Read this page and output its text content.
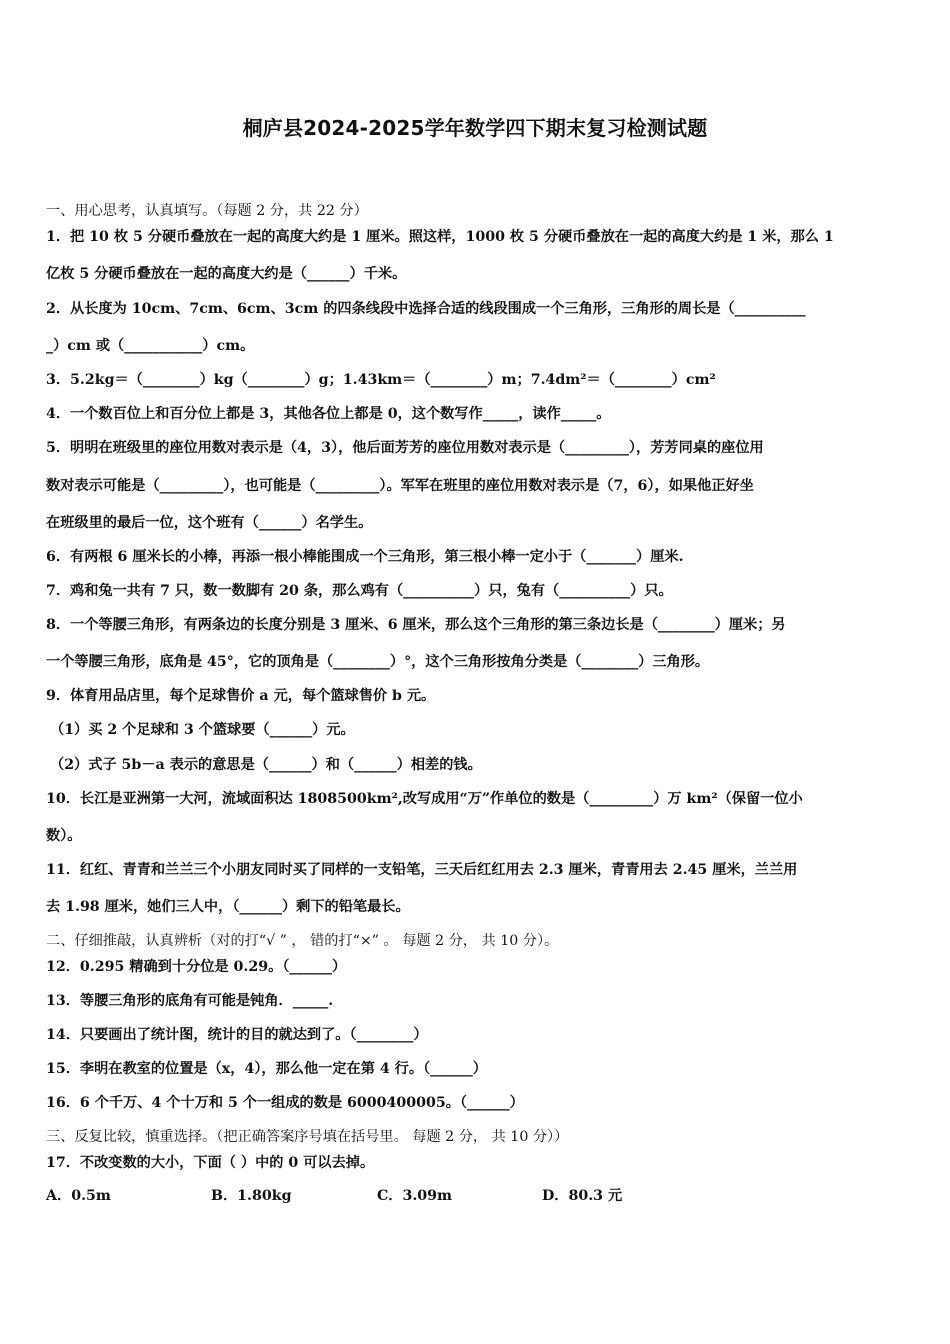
桐庐县2024-2025学年数学四下期末复习检测试题
一、用心思考，认真填写。（每题 2 分，共 22 分）
1．把 10 枚 5 分硬币叠放在一起的高度大约是 1 厘米。照这样，1000 枚 5 分硬币叠放在一起的高度大约是 1 米，那么 1
亿枚 5 分硬币叠放在一起的高度大约是（______）千米。
2．从长度为 10cm、7cm、6cm、3cm 的四条线段中选择合适的线段围成一个三角形，三角形的周长是（__________
_）cm 或（___________）cm。
3．5.2kg＝（________）kg（________）g；1.43km＝（________）m；7.4dm²＝（________）cm²
4．一个数百位上和百分位上都是 3，其他各位上都是 0，这个数写作_____，读作_____。
5．明明在班级里的座位用数对表示是（4，3），他后面芳芳的座位用数对表示是（_________），芳芳同桌的座位用
数对表示可能是（_________），也可能是（_________）。军军在班里的座位用数对表示是（7，6），如果他正好坐
在班级里的最后一位，这个班有（______）名学生。
6．有两根 6 厘米长的小棒，再添一根小棒能围成一个三角形，第三根小棒一定小于（_______）厘米.
7．鸡和兔一共有 7 只，数一数脚有 20 条，那么鸡有（__________）只，兔有（__________）只。
8．一个等腰三角形，有两条边的长度分别是 3 厘米、6 厘米，那么这个三角形的第三条边长是（________）厘米；另
一个等腰三角形，底角是 45°，它的顶角是（________）°，这个三角形按角分类是（________）三角形。
9．体育用品店里，每个足球售价 a 元，每个篮球售价 b 元。
（1）买 2 个足球和 3 个篮球要（______）元。
（2）式子 5b－a 表示的意思是（______）和（______）相差的钱。
10．长江是亚洲第一大河，流域面积达 1808500km²,改写成用“万”作单位的数是（_________）万 km²（保留一位小
数）。
11．红红、青青和兰兰三个小朋友同时买了同样的一支铅笔，三天后红红用去 2.3 厘米，青青用去 2.45 厘米，兰兰用
去 1.98 厘米，她们三人中，（______）剩下的铅笔最长。
二、仔细推敲，认真辨析（对的打“√ ” ， 错的打“×” 。 每题 2 分， 共 10 分）。
12．0.295 精确到十分位是 0.29。（______）
13．等腰三角形的底角有可能是钝角．_____.
14．只要画出了统计图，统计的目的就达到了。（________）
15．李明在教室的位置是（x，4），那么他一定在第 4 行。（______）
16．6 个千万、4 个十万和 5 个一组成的数是 6000400005。（______）
三、反复比较，慎重选择。（把正确答案序号填在括号里。 每题 2 分， 共 10 分））
17．不改变数的大小，下面（ ）中的 0 可以去掉。
A．0.5m	B．1.80kg	C．3.09m	D．80.3 元
